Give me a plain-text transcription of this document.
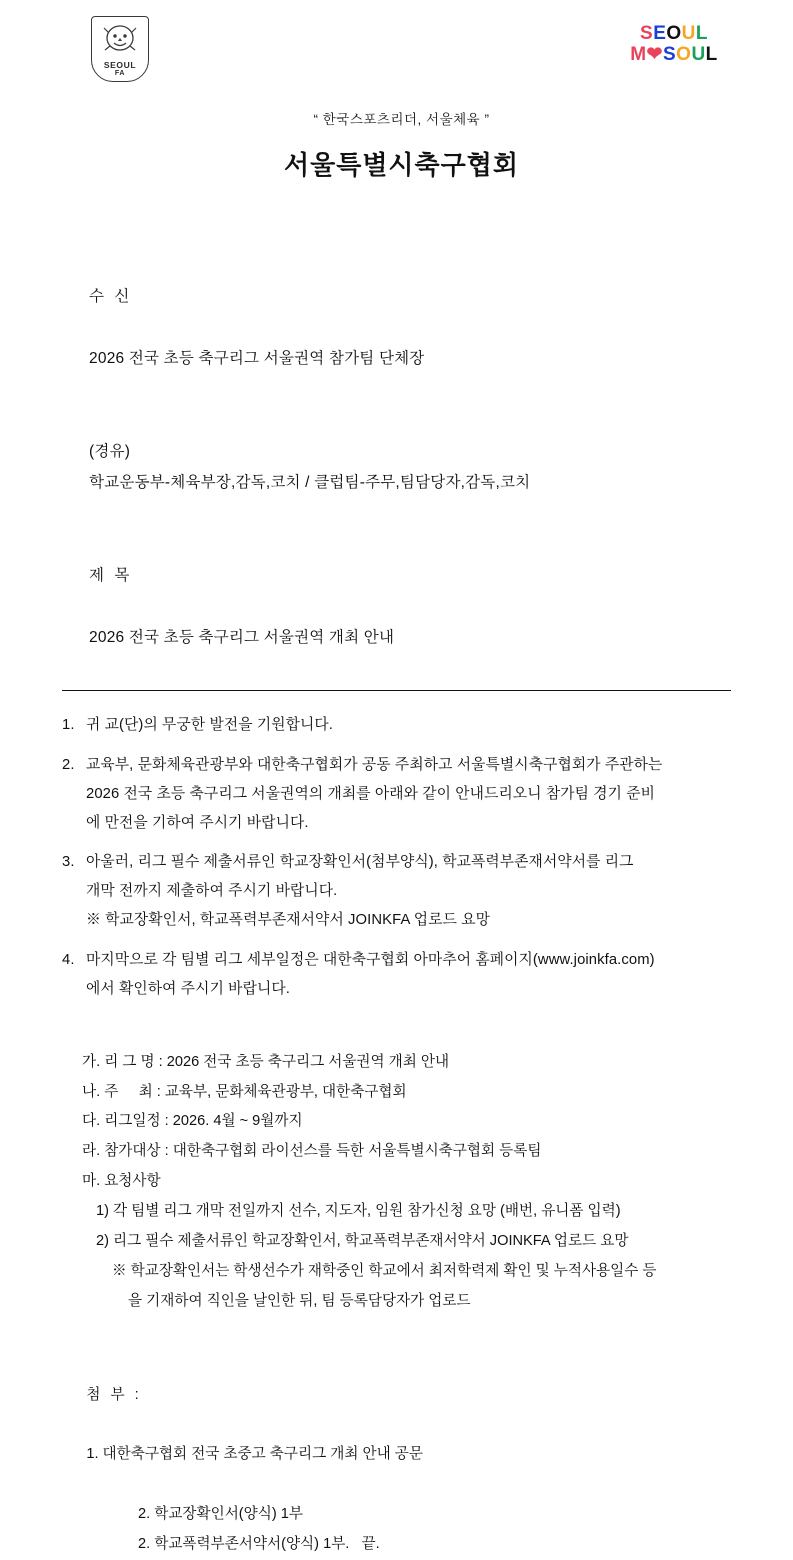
SEOUL
FA
“ 한국스포츠리더, 서울체육 ”
서울특별시축구협회
SEOUL
M❤SOUL

수 신

2026 전국 초등 축구리그 서울권역 참가팀 단체장

(경유)
학교운동부-체육부장,감독,코치 / 클럽팀-주무,팀담당자,감독,코치

제 목

2026 전국 초등 축구리그 서울권역 개최 안내

1. 귀 교(단)의 무궁한 발전을 기원합니다.
2. 교육부, 문화체육관광부와 대한축구협회가 공동 주최하고 서울특별시축구협회가 주관하는
2026 전국 초등 축구리그 서울권역의 개최를 아래와 같이 안내드리오니 참가팀 경기 준비
에 만전을 기하여 주시기 바랍니다.
3. 아울러, 리그 필수 제출서류인 학교장확인서(첨부양식), 학교폭력부존재서약서를 리그
개막 전까지 제출하여 주시기 바랍니다.
※ 학교장확인서, 학교폭력부존재서약서 JOINKFA 업로드 요망
4. 마지막으로 각 팀별 리그 세부일정은 대한축구협회 아마추어 홈페이지(www.joinkfa.com)
에서 확인하여 주시기 바랍니다.
가. 리 그 명 : 2026 전국 초등 축구리그 서울권역 개최 안내
나. 주     최 : 교육부, 문화체육관광부, 대한축구협회
다. 리그일정 : 2026. 4월 ~ 9월까지
라. 참가대상 : 대한축구협회 라이선스를 득한 서울특별시축구협회 등록팀
마. 요청사항
1) 각 팀별 리그 개막 전일까지 선수, 지도자, 임원 참가신청 요망 (배번, 유니폼 입력)
2) 리그 필수 제출서류인 학교장확인서, 학교폭력부존재서약서 JOINKFA 업로드 요망
※ 학교장확인서는 학생선수가 재학중인 학교에서 최저학력제 확인 및 누적사용일수 등
을 기재하여 직인을 날인한 뒤, 팀 등록담당자가 업로드

첨 부 :

1. 대한축구협회 전국 초중고 축구리그 개최 안내 공문

2. 학교장확인서(양식) 1부
2. 학교폭력부존서약서(양식) 1부.   끝.
